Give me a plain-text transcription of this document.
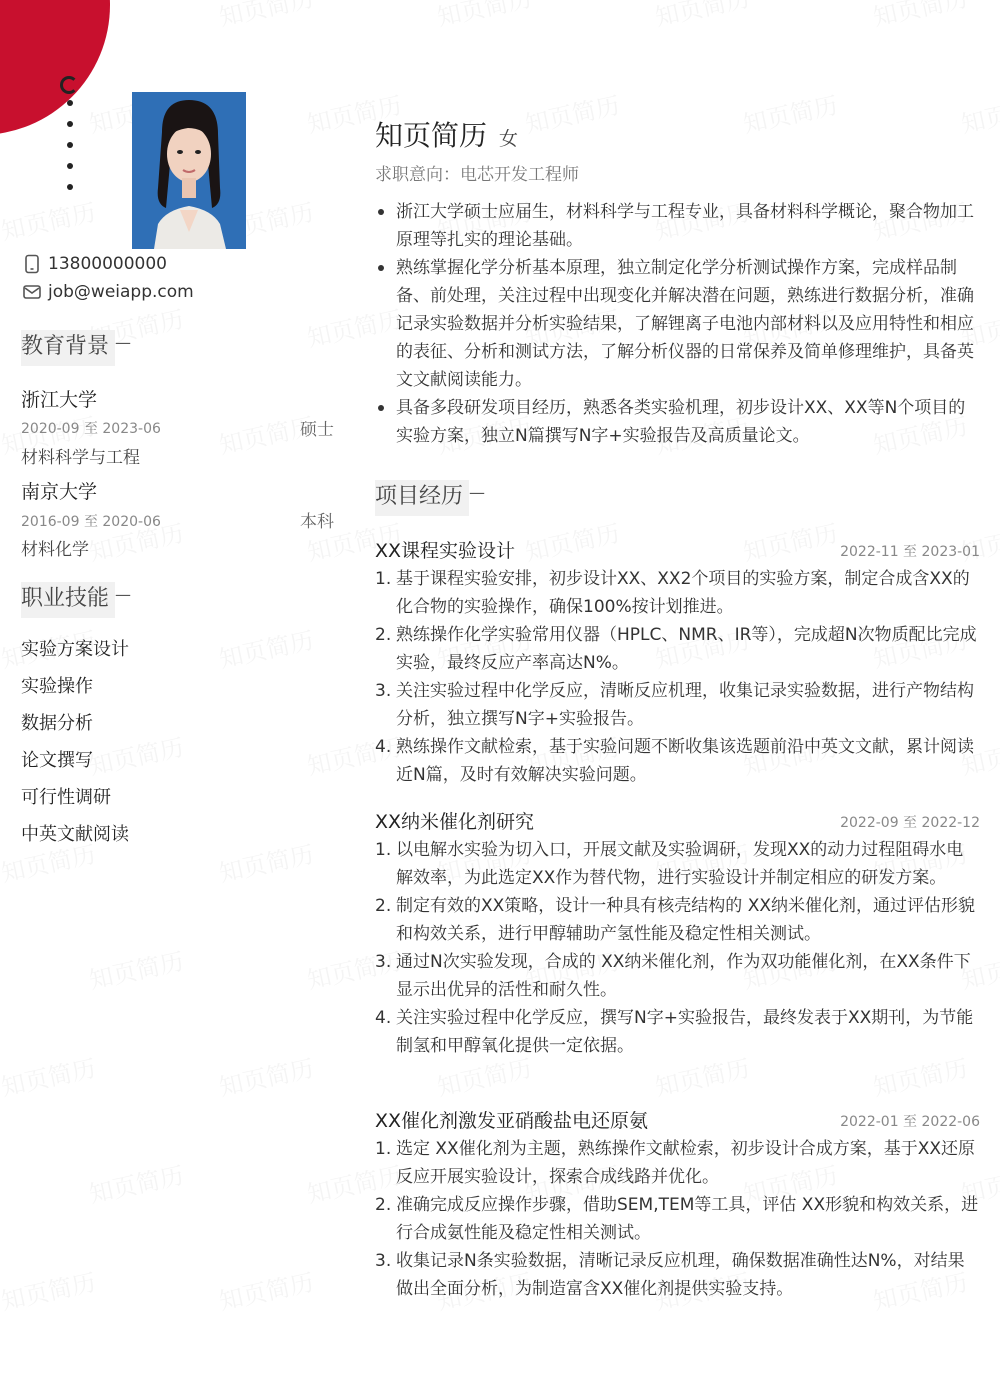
13800000000
job@weiapp.com
教育背景 —
浙江大学
2020-09 至 2023-06	硕士
材料科学与工程
南京大学
2016-09 至 2020-06	本科
材料化学
职业技能 —
实验方案设计
实验操作
数据分析
论文撰写
可行性调研
中英文献阅读
知页简历 女
求职意向：电芯开发工程师
浙江大学硕士应届生，材料科学与工程专业，具备材料科学概论，聚合物加工原理等扎实的理论基础。
熟练掌握化学分析基本原理，独立制定化学分析测试操作方案，完成样品制备、前处理，关注过程中出现变化并解决潜在问题，熟练进行数据分析，准确记录实验数据并分析实验结果，了解锂离子电池内部材料以及应用特性和相应的表征、分析和测试方法，了解分析仪器的日常保养及简单修理维护，具备英文文献阅读能力。
具备多段研发项目经历，熟悉各类实验机理，初步设计XX、XX等N个项目的实验方案，独立N篇撰写N字+实验报告及高质量论文。
项目经历 —
XX课程实验设计	2022-11 至 2023-01
1. 基于课程实验安排，初步设计XX、XX2个项目的实验方案，制定合成含XX的化合物的实验操作，确保100%按计划推进。
2. 熟练操作化学实验常用仪器（HPLC、NMR、IR等），完成超N次物质配比完成实验，最终反应产率高达N%。
3. 关注实验过程中化学反应，清晰反应机理，收集记录实验数据，进行产物结构分析，独立撰写N字+实验报告。
4. 熟练操作文献检索，基于实验问题不断收集该选题前沿中英文文献，累计阅读近N篇，及时有效解决实验问题。
XX纳米催化剂研究	2022-09 至 2022-12
1. 以电解水实验为切入口，开展文献及实验调研，发现XX的动力过程阻碍水电解效率，为此选定XX作为替代物，进行实验设计并制定相应的研发方案。
2. 制定有效的XX策略，设计一种具有核壳结构的 XX纳米催化剂，通过评估形貌和构效关系，进行甲醇辅助产氢性能及稳定性相关测试。
3. 通过N次实验发现，合成的 XX纳米催化剂，作为双功能催化剂，在XX条件下显示出优异的活性和耐久性。
4. 关注实验过程中化学反应，撰写N字+实验报告，最终发表于XX期刊，为节能制氢和甲醇氧化提供一定依据。
XX催化剂激发亚硝酸盐电还原氨	2022-01 至 2022-06
1. 选定 XX催化剂为主题，熟练操作文献检索，初步设计合成方案，基于XX还原反应开展实验设计，探索合成线路并优化。
2. 准确完成反应操作步骤，借助SEM,TEM等工具，评估 XX形貌和构效关系，进行合成氨性能及稳定性相关测试。
3. 收集记录N条实验数据，清晰记录反应机理，确保数据准确性达N%，对结果做出全面分析，为制造富含XX催化剂提供实验支持。
